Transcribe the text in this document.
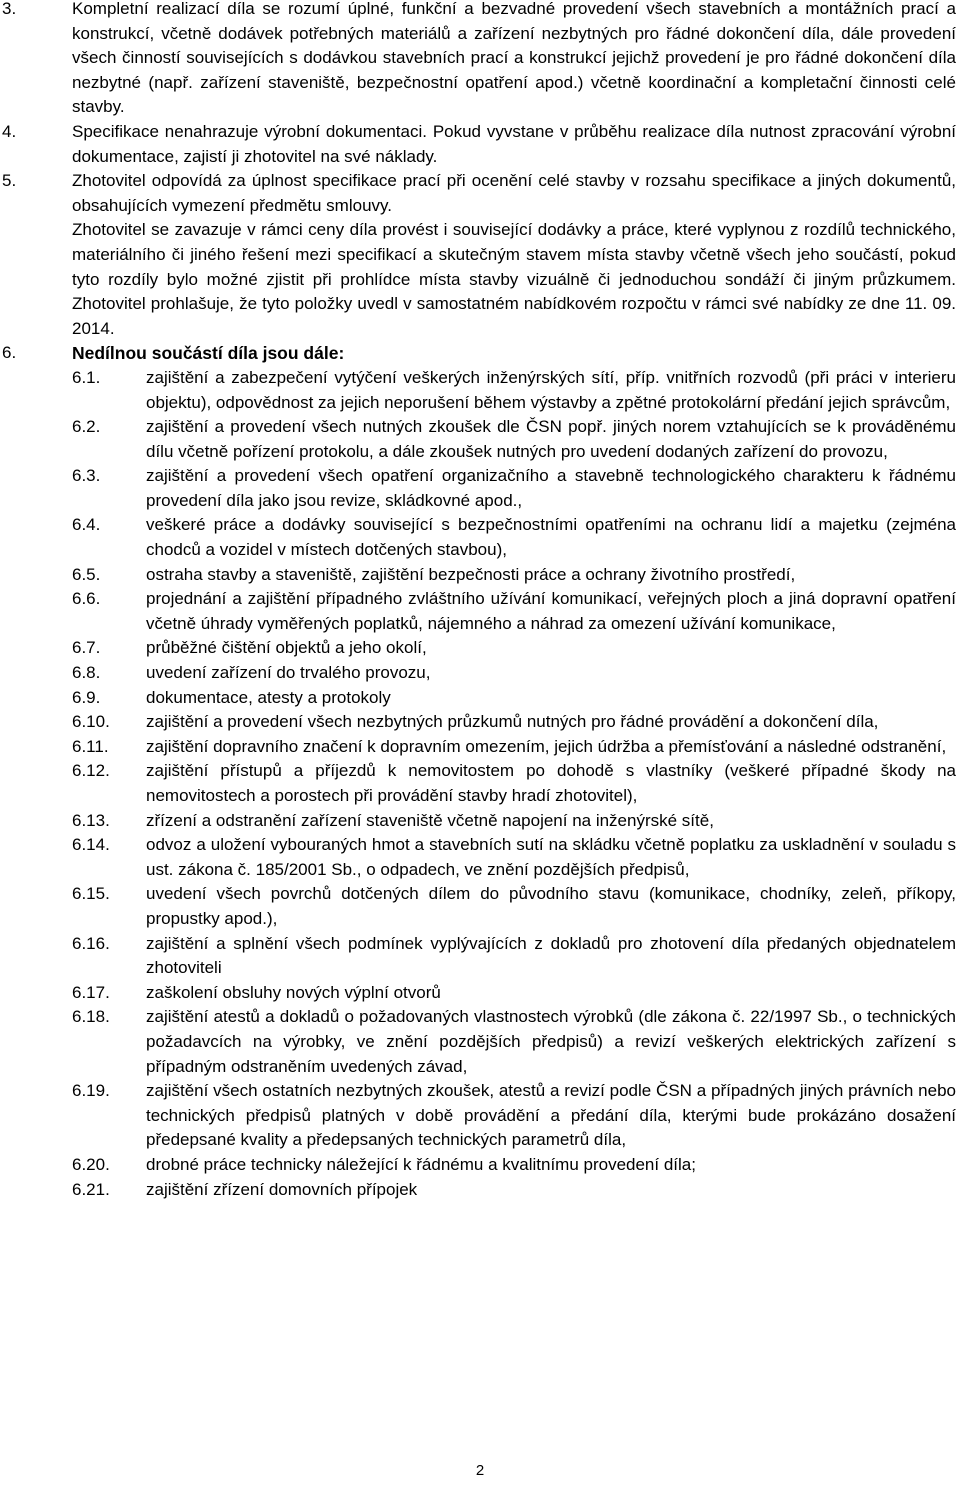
3.	Kompletní realizací díla se rozumí úplné, funkční a bezvadné provedení všech stavebních a montážních prací a konstrukcí, včetně dodávek potřebných materiálů a zařízení nezbytných pro řádné dokončení díla, dále provedení všech činností souvisejících s dodávkou stavebních prací a konstrukcí jejichž provedení je pro řádné dokončení díla nezbytné (např. zařízení staveniště, bezpečnostní opatření apod.) včetně koordinační a kompletační činnosti celé stavby.
4.	Specifikace nenahrazuje výrobní dokumentaci. Pokud vyvstane v průběhu realizace díla nutnost zpracování výrobní dokumentace, zajistí ji zhotovitel na své náklady.
5.	Zhotovitel odpovídá za úplnost specifikace prací při ocenění celé stavby v rozsahu specifikace a jiných dokumentů, obsahujících vymezení předmětu smlouvy.
Zhotovitel se zavazuje v rámci ceny díla provést i související dodávky a práce, které vyplynou z rozdílů technického, materiálního či jiného řešení mezi specifikací a skutečným stavem místa stavby včetně všech jeho součástí, pokud tyto rozdíly bylo možné zjistit při prohlídce místa stavby vizuálně či jednoduchou sondáží či jiným průzkumem. Zhotovitel prohlašuje, že tyto položky uvedl v samostatném nabídkovém rozpočtu v rámci své nabídky ze dne 11. 09. 2014.
6.	Nedílnou součástí díla jsou dále:
6.1.	zajištění a zabezpečení vytýčení veškerých inženýrských sítí, příp. vnitřních rozvodů (při práci v interieru objektu), odpovědnost za jejich neporušení během výstavby a zpětné protokolární předání jejich správcům,
6.2.	zajištění a provedení všech nutných zkoušek dle ČSN popř. jiných norem vztahujících se k prováděnému dílu včetně pořízení protokolu, a dále zkoušek nutných pro uvedení dodaných zařízení do provozu,
6.3.	zajištění a provedení všech opatření organizačního a stavebně technologického charakteru k řádnému provedení díla jako jsou revize, skládkovné apod.,
6.4.	veškeré práce a dodávky související s bezpečnostními opatřeními na ochranu lidí a majetku (zejména chodců a vozidel v místech dotčených stavbou),
6.5.	ostraha stavby a staveniště, zajištění bezpečnosti práce a ochrany životního prostředí,
6.6.	projednání a zajištění případného zvláštního užívání komunikací, veřejných ploch a jiná dopravní opatření včetně úhrady vyměřených poplatků, nájemného a náhrad za omezení užívání komunikace,
6.7.	průběžné čištění objektů a jeho okolí,
6.8.	uvedení zařízení do trvalého provozu,
6.9.	dokumentace, atesty a protokoly
6.10.	zajištění a provedení všech nezbytných průzkumů nutných pro řádné provádění a dokončení díla,
6.11.	zajištění dopravního značení k dopravním omezením, jejich údržba a přemísťování a následné odstranění,
6.12.	zajištění přístupů a příjezdů k nemovitostem po dohodě s vlastníky (veškeré případné škody na nemovitostech a porostech při provádění stavby hradí zhotovitel),
6.13.	zřízení a odstranění zařízení staveniště včetně napojení na inženýrské sítě,
6.14.	odvoz a uložení vybouraných hmot a stavebních sutí na skládku včetně poplatku za uskladnění v souladu s ust. zákona č. 185/2001 Sb., o odpadech, ve znění pozdějších předpisů,
6.15.	uvedení všech povrchů dotčených dílem do původního stavu (komunikace, chodníky, zeleň, příkopy, propustky apod.),
6.16.	zajištění a splnění všech podmínek vyplývajících z dokladů pro zhotovení díla předaných objednatelem zhotoviteli
6.17.	zaškolení obsluhy nových výplní otvorů
6.18.	zajištění atestů a dokladů o požadovaných vlastnostech výrobků (dle zákona č. 22/1997 Sb., o technických požadavcích na výrobky, ve znění pozdějších předpisů) a revizí veškerých elektrických zařízení s případným odstraněním uvedených závad,
6.19.	zajištění všech ostatních nezbytných zkoušek, atestů a revizí podle ČSN a případných jiných právních nebo technických předpisů platných v době provádění a předání díla, kterými bude prokázáno dosažení předepsané kvality a předepsaných technických parametrů díla,
6.20.	drobné práce technicky náležející k řádnému a kvalitnímu provedení díla;
6.21.	zajištění zřízení domovních přípojek
2
